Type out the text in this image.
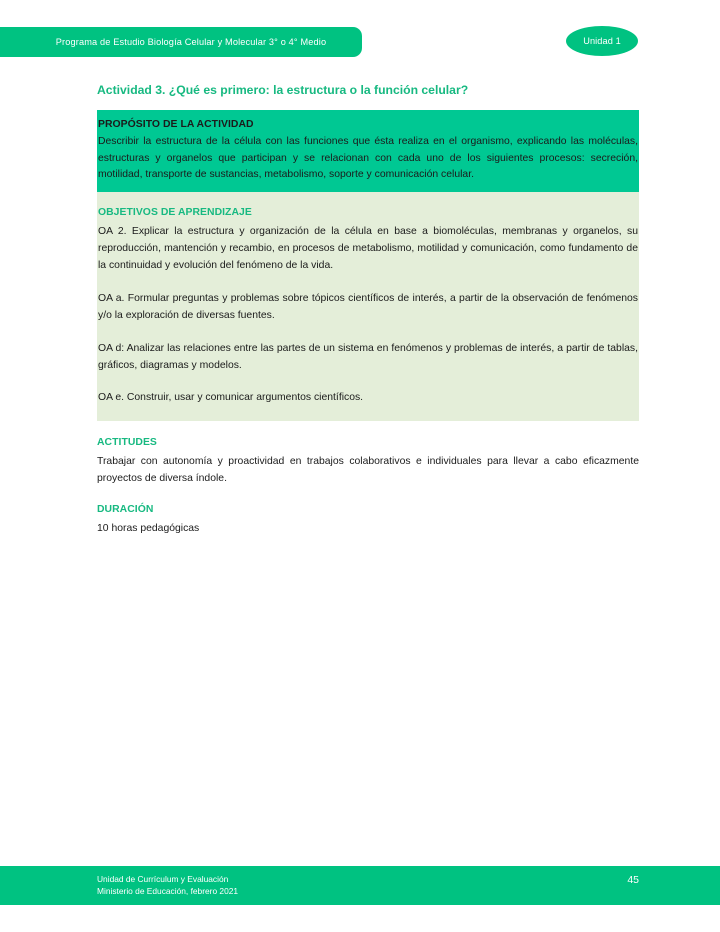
Programa de Estudio Biología Celular y Molecular 3° o 4° Medio	Unidad 1
Actividad 3. ¿Qué es primero: la estructura o la función celular?
PROPÓSITO DE LA ACTIVIDAD

Describir la estructura de la célula con las funciones que ésta realiza en el organismo, explicando las moléculas, estructuras y organelos que participan y se relacionan con cada uno de los siguientes procesos: secreción, motilidad, transporte de sustancias, metabolismo, soporte y comunicación celular.

OBJETIVOS DE APRENDIZAJE

OA 2. Explicar la estructura y organización de la célula en base a biomoléculas, membranas y organelos, su reproducción, mantención y recambio, en procesos de metabolismo, motilidad y comunicación, como fundamento de la continuidad y evolución del fenómeno de la vida.

OA a. Formular preguntas y problemas sobre tópicos científicos de interés, a partir de la observación de fenómenos y/o la exploración de diversas fuentes.

OA d: Analizar las relaciones entre las partes de un sistema en fenómenos y problemas de interés, a partir de tablas, gráficos, diagramas y modelos.

OA e. Construir, usar y comunicar argumentos científicos.

ACTITUDES

Trabajar con autonomía y proactividad en trabajos colaborativos e individuales para llevar a cabo eficazmente proyectos de diversa índole.

DURACIÓN

10 horas pedagógicas

Unidad de Currículum y Evaluación
Ministerio de Educación, febrero 2021
45
